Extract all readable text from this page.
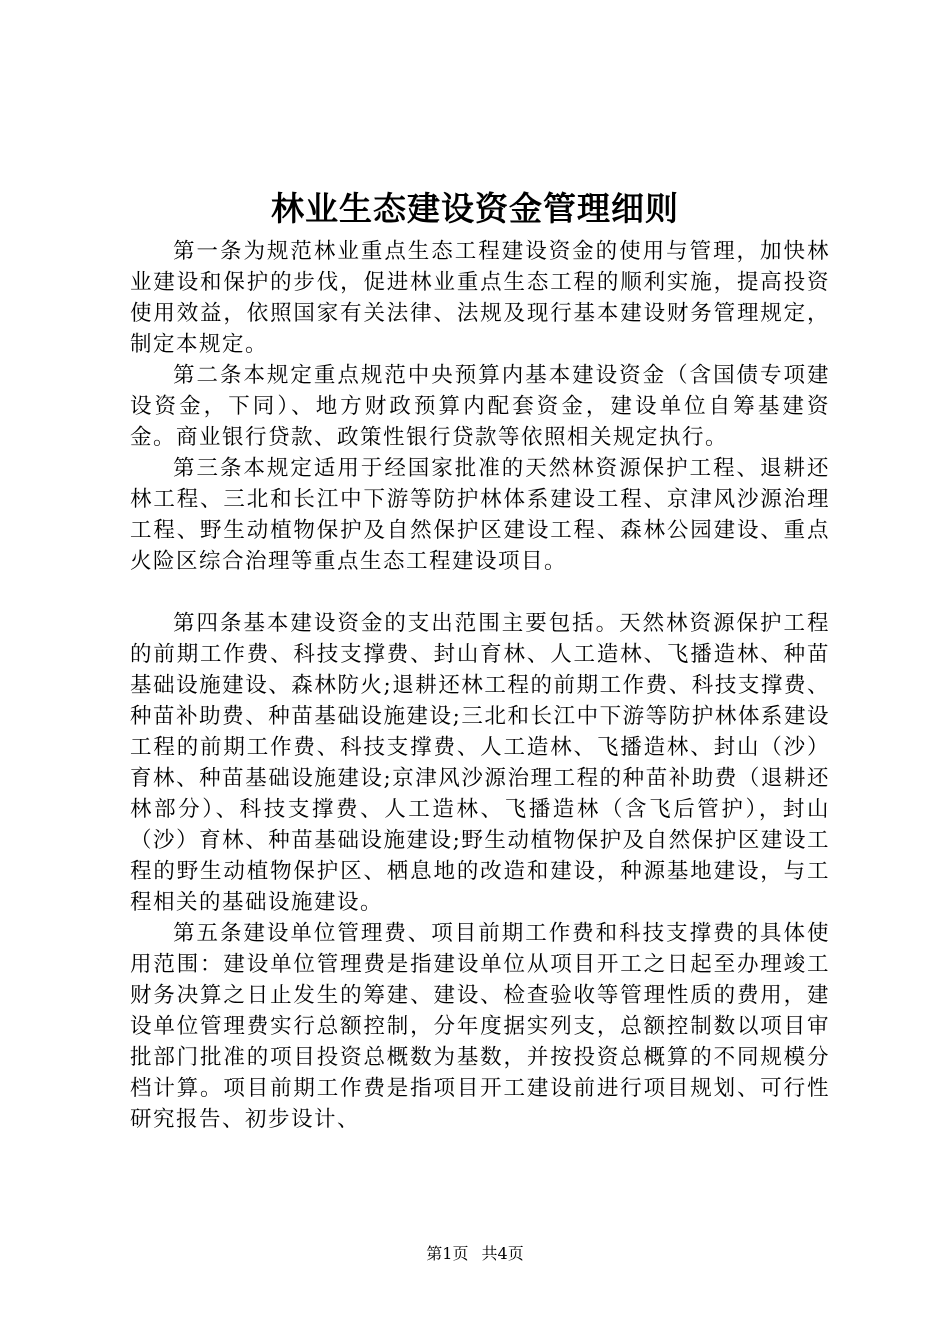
林业生态建设资金管理细则

第一条为规范林业重点生态工程建设资金的使用与管理，加快林业建设和保护的步伐，促进林业重点生态工程的顺利实施，提高投资使用效益，依照国家有关法律、法规及现行基本建设财务管理规定，制定本规定。

第二条本规定重点规范中央预算内基本建设资金（含国债专项建设资金，下同）、地方财政预算内配套资金，建设单位自筹基建资金。商业银行贷款、政策性银行贷款等依照相关规定执行。

第三条本规定适用于经国家批准的天然林资源保护工程、退耕还林工程、三北和长江中下游等防护林体系建设工程、京津风沙源治理工程、野生动植物保护及自然保护区建设工程、森林公园建设、重点火险区综合治理等重点生态工程建设项目。

第四条基本建设资金的支出范围主要包括。天然林资源保护工程的前期工作费、科技支撑费、封山育林、人工造林、飞播造林、种苗基础设施建设、森林防火;退耕还林工程的前期工作费、科技支撑费、种苗补助费、种苗基础设施建设;三北和长江中下游等防护林体系建设工程的前期工作费、科技支撑费、人工造林、飞播造林、封山（沙）育林、种苗基础设施建设;京津风沙源治理工程的种苗补助费（退耕还林部分）、科技支撑费、人工造林、飞播造林（含飞后管护），封山（沙）育林、种苗基础设施建设;野生动植物保护及自然保护区建设工程的野生动植物保护区、栖息地的改造和建设，种源基地建设，与工程相关的基础设施建设。

第五条建设单位管理费、项目前期工作费和科技支撑费的具体使用范围：建设单位管理费是指建设单位从项目开工之日起至办理竣工财务决算之日止发生的筹建、建设、检查验收等管理性质的费用，建设单位管理费实行总额控制，分年度据实列支，总额控制数以项目审批部门批准的项目投资总概数为基数，并按投资总概算的不同规模分档计算。项目前期工作费是指项目开工建设前进行项目规划、可行性研究报告、初步设计、

第1页 共4页
